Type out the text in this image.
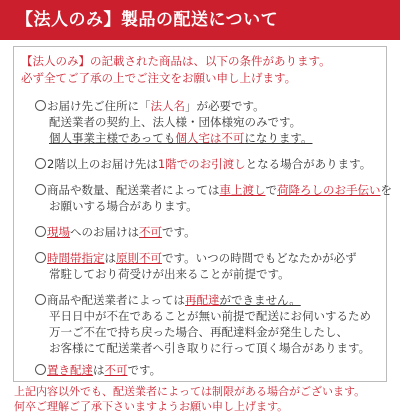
【法人のみ】製品の配送について
【法人のみ】の記載された商品は、以下の条件があります。
必ず全てご了承の上でご注文をお願い申し上げます。
お届け先ご住所に「法人名」が必要です。
配送業者の契約上、法人様・団体様宛のみです。
個人事業主様であっても個人宅は不可になります。
2階以上のお届け先は1階でのお引渡しとなる場合があります。
商品や数量、配送業者によっては車上渡しで荷降ろしのお手伝いを
お願いする場合があります。
現場へのお届けは不可です。
時間帯指定は原則不可です。いつの時間でもどなたかが必ず
常駐しており荷受けが出来ることが前提です。
商品や配送業者によっては再配達ができません。
平日日中が不在であることが無い前提で配送にお伺いするため
万一ご不在で持ち戻った場合、再配達料金が発生したし、
お客様にて配送業者へ引き取りに行って頂く場合があります。
置き配達は不可です。
上記内容以外でも、配送業者によっては制限がある場合がございます。
何卒ご理解ご了承下さいますようお願い申し上げます。
